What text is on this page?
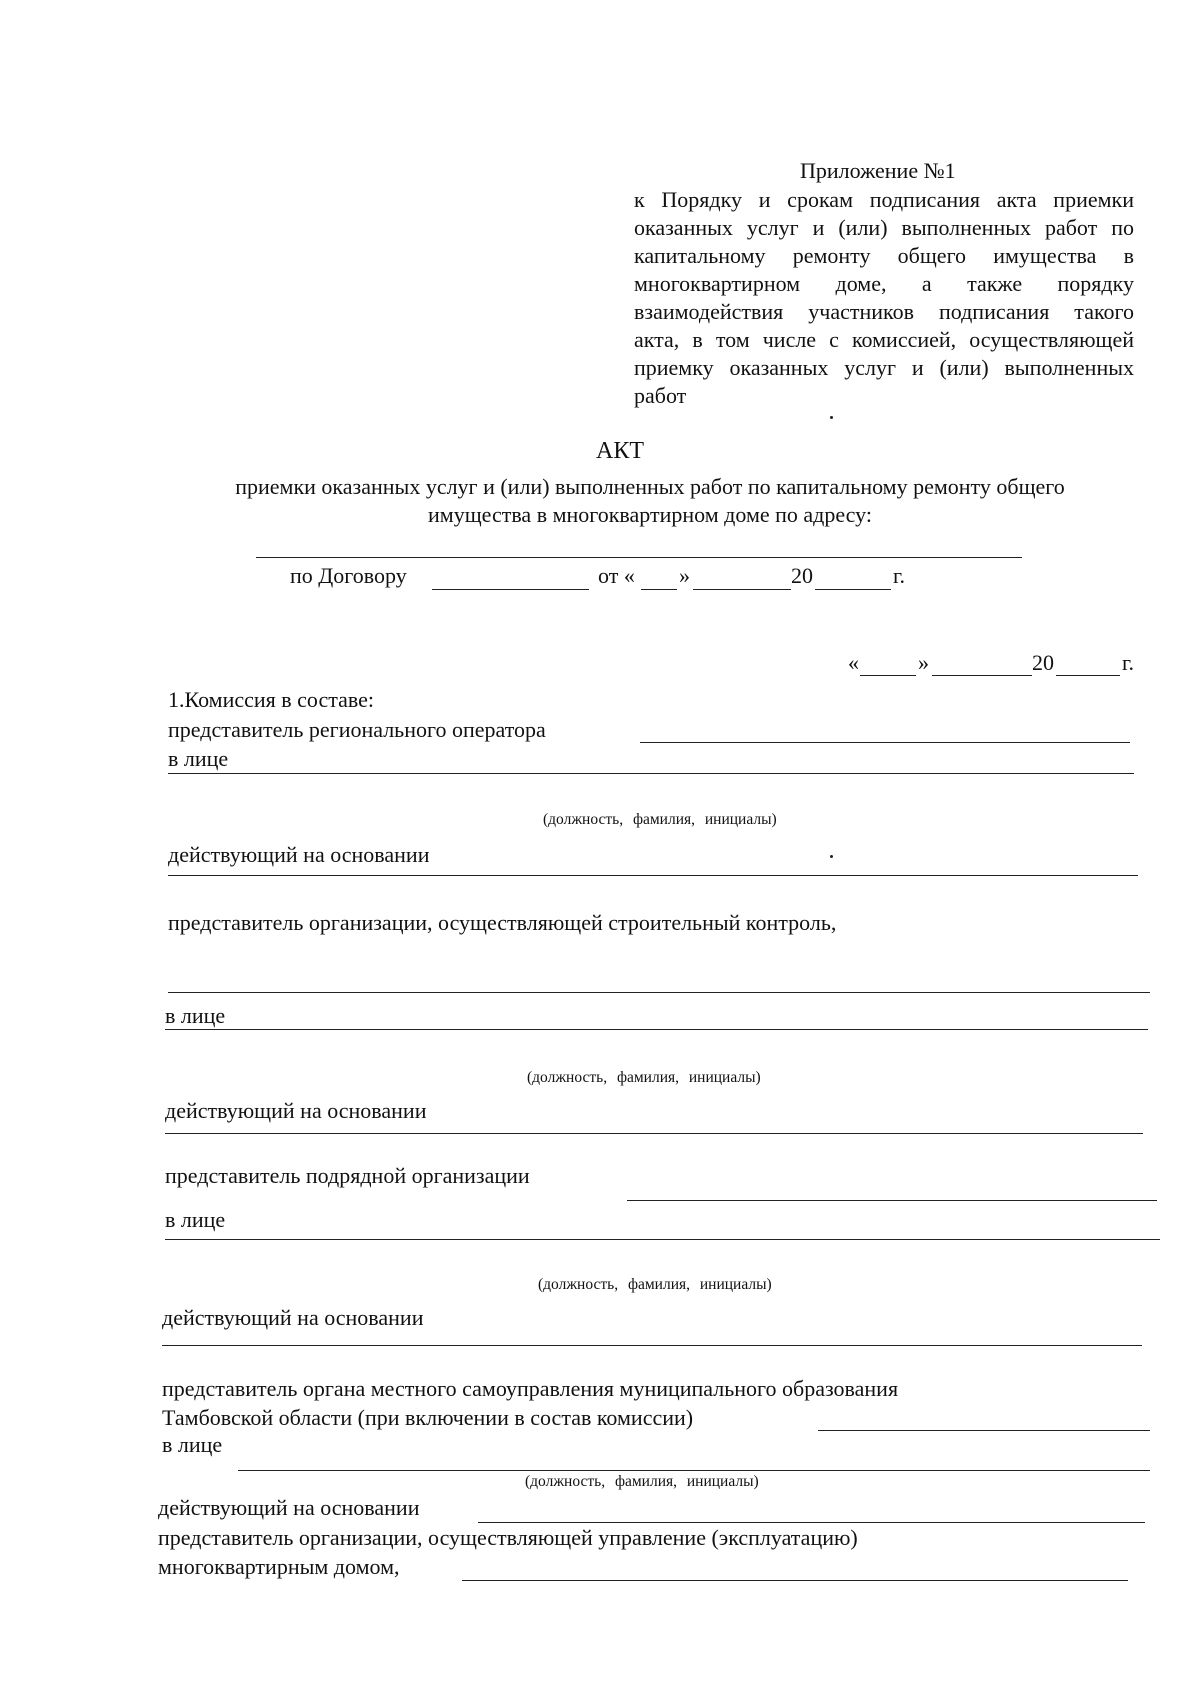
Приложение №1
к Порядку и срокам подписания акта приемки
оказанных услуг и (или) выполненных работ по
капитальному ремонту общего имущества в
многоквартирном доме, а также порядку
взаимодействия участников подписания такого
акта, в том числе с комиссией, осуществляющей
приемку оказанных услуг и (или) выполненных
работ
АКТ
приемки оказанных услуг и (или) выполненных работ по капитальному ремонту общего
имущества в многоквартирном доме по адресу:
по Договору	от « »	20	г.
«	»	20	г.
1.Комиссия в составе:
представитель регионального оператора
в лице
(должность, фамилия, инициалы)
действующий на основании
представитель организации, осуществляющей строительный контроль,
в лице
(должность, фамилия, инициалы)
действующий на основании
представитель подрядной организации
в лице
(должность, фамилия, инициалы)
действующий на основании
представитель органа местного самоуправления муниципального образования
Тамбовской области (при включении в состав комиссии)
в лице
(должность, фамилия, инициалы)
действующий на основании
представитель организации, осуществляющей управление (эксплуатацию)
многоквартирным домом,
